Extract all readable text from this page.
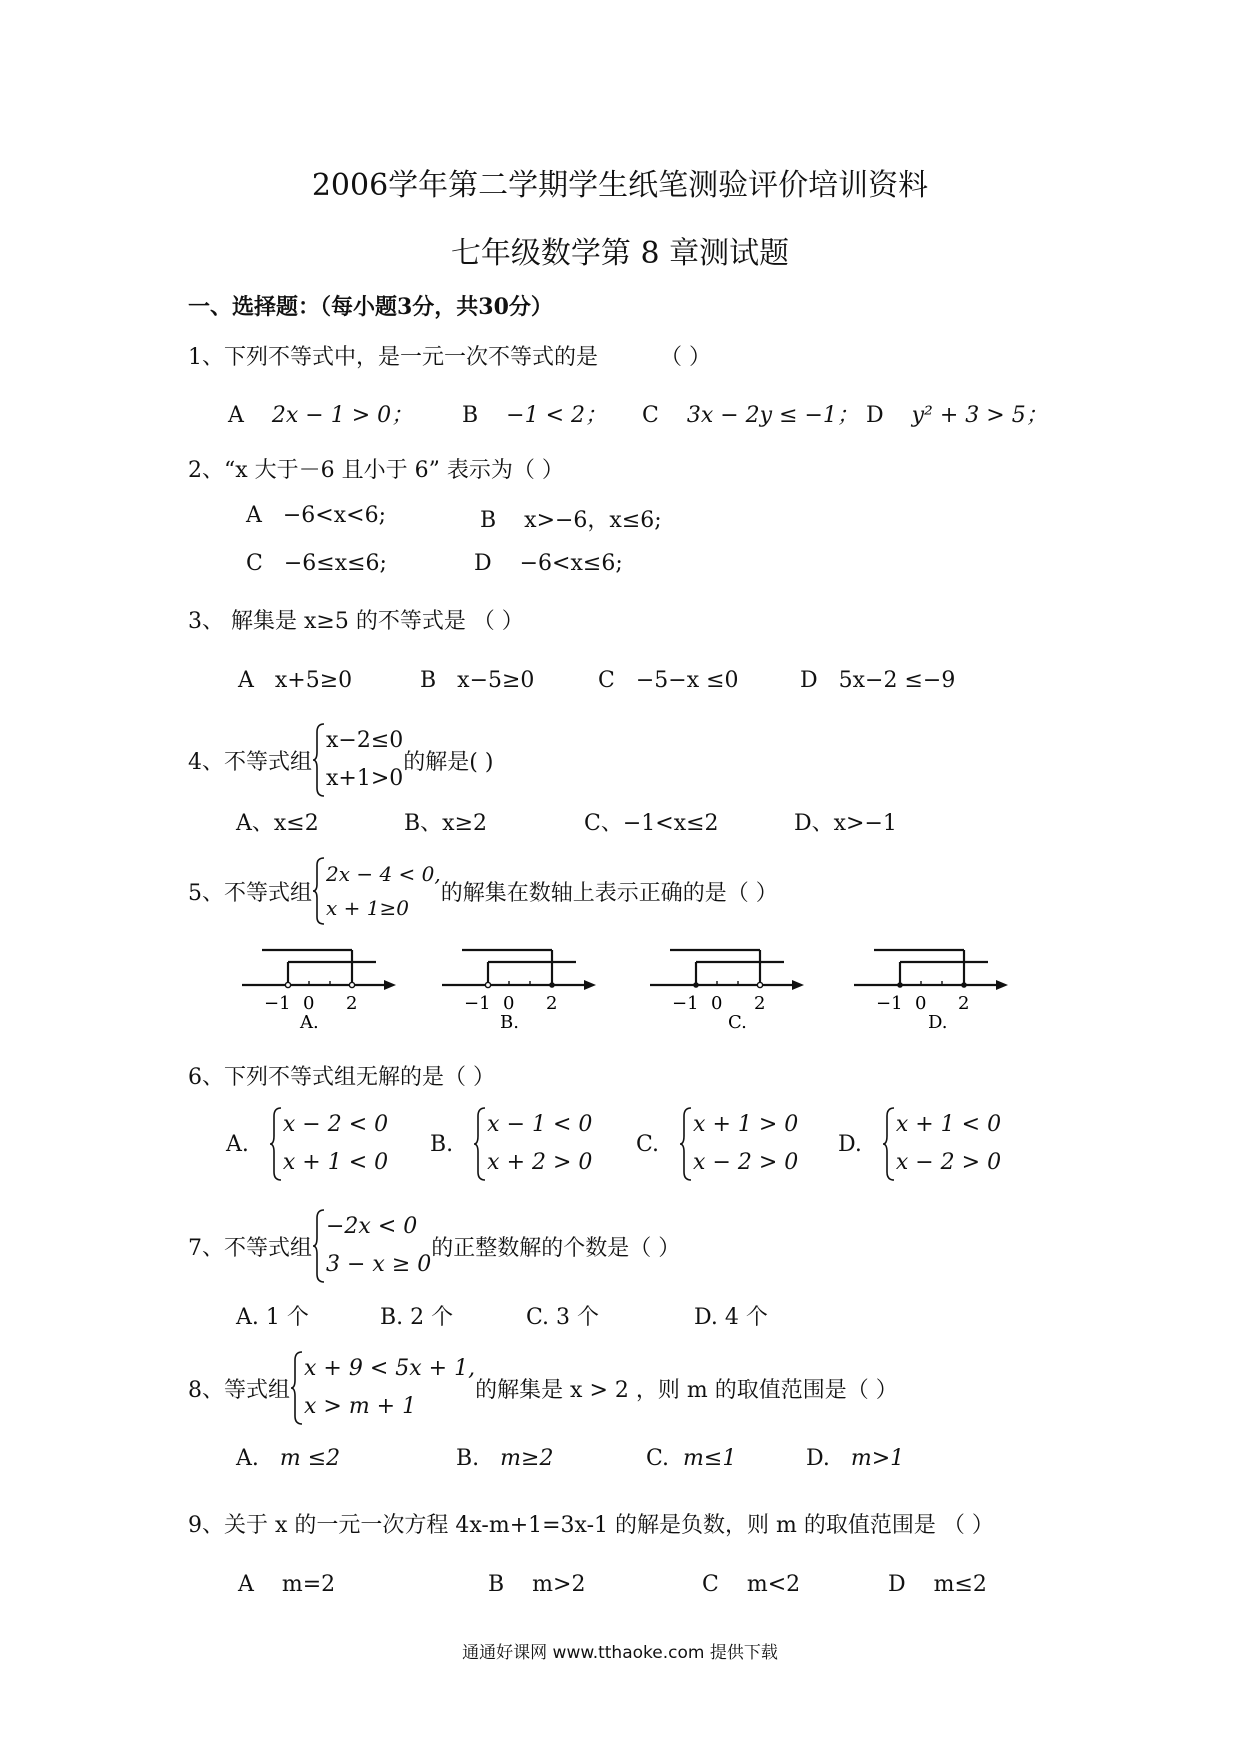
2006学年第二学期学生纸笔测验评价培训资料
七年级数学第 8 章测试题
一、选择题：（每小题3分，共30分）
1、下列不等式中，是一元一次不等式的是	（ ）
A 2x − 1 > 0； B −1 < 2； C 3x − 2y ≤ −1； D y² + 3 > 5；
2、“x 大于－6 且小于 6” 表示为（ ）
A −6<x<6;	B x>−6，x≤6;
C −6≤x≤6;	D −6<x≤6;
3、 解集是 x≥5 的不等式是 （ ）
A x+5≥0	B x−5≥0	C −5−x ≤0	D 5x−2 ≤−9
4、不等式组
x−2≤0
x+1>0
的解是( )
A、x≤2	B、x≥2	C、−1<x≤2	D、x>−1
5、不等式组
2x − 4 < 0,
x + 1≥0
的解集在数轴上表示正确的是（ ）
−1 0 2
A.
−1 0 2
B.
−1 0 2
C.
−1 0 2
D.
6、下列不等式组无解的是（ ）
A.
x − 2 < 0
x + 1 < 0
B.
x − 1 < 0
x + 2 > 0
C.
x + 1 > 0
x − 2 > 0
D.
x + 1 < 0
x − 2 > 0
7、不等式组
−2x < 0
3 − x ≥ 0
的正整数解的个数是（ ）
A. 1 个	B. 2 个	C. 3 个	D. 4 个
8、等式组
x + 9 < 5x + 1,
x > m + 1
的解集是 x > 2 ，则 m 的取值范围是（ ）
A. m ≤2	B. m≥2	C. m≤1	D. m>1
9、关于 x 的一元一次方程 4x-m+1=3x-1 的解是负数，则 m 的取值范围是 （ ）
A m=2	B m>2	C m<2	D m≤2
通通好课网 www.tthaoke.com 提供下载
